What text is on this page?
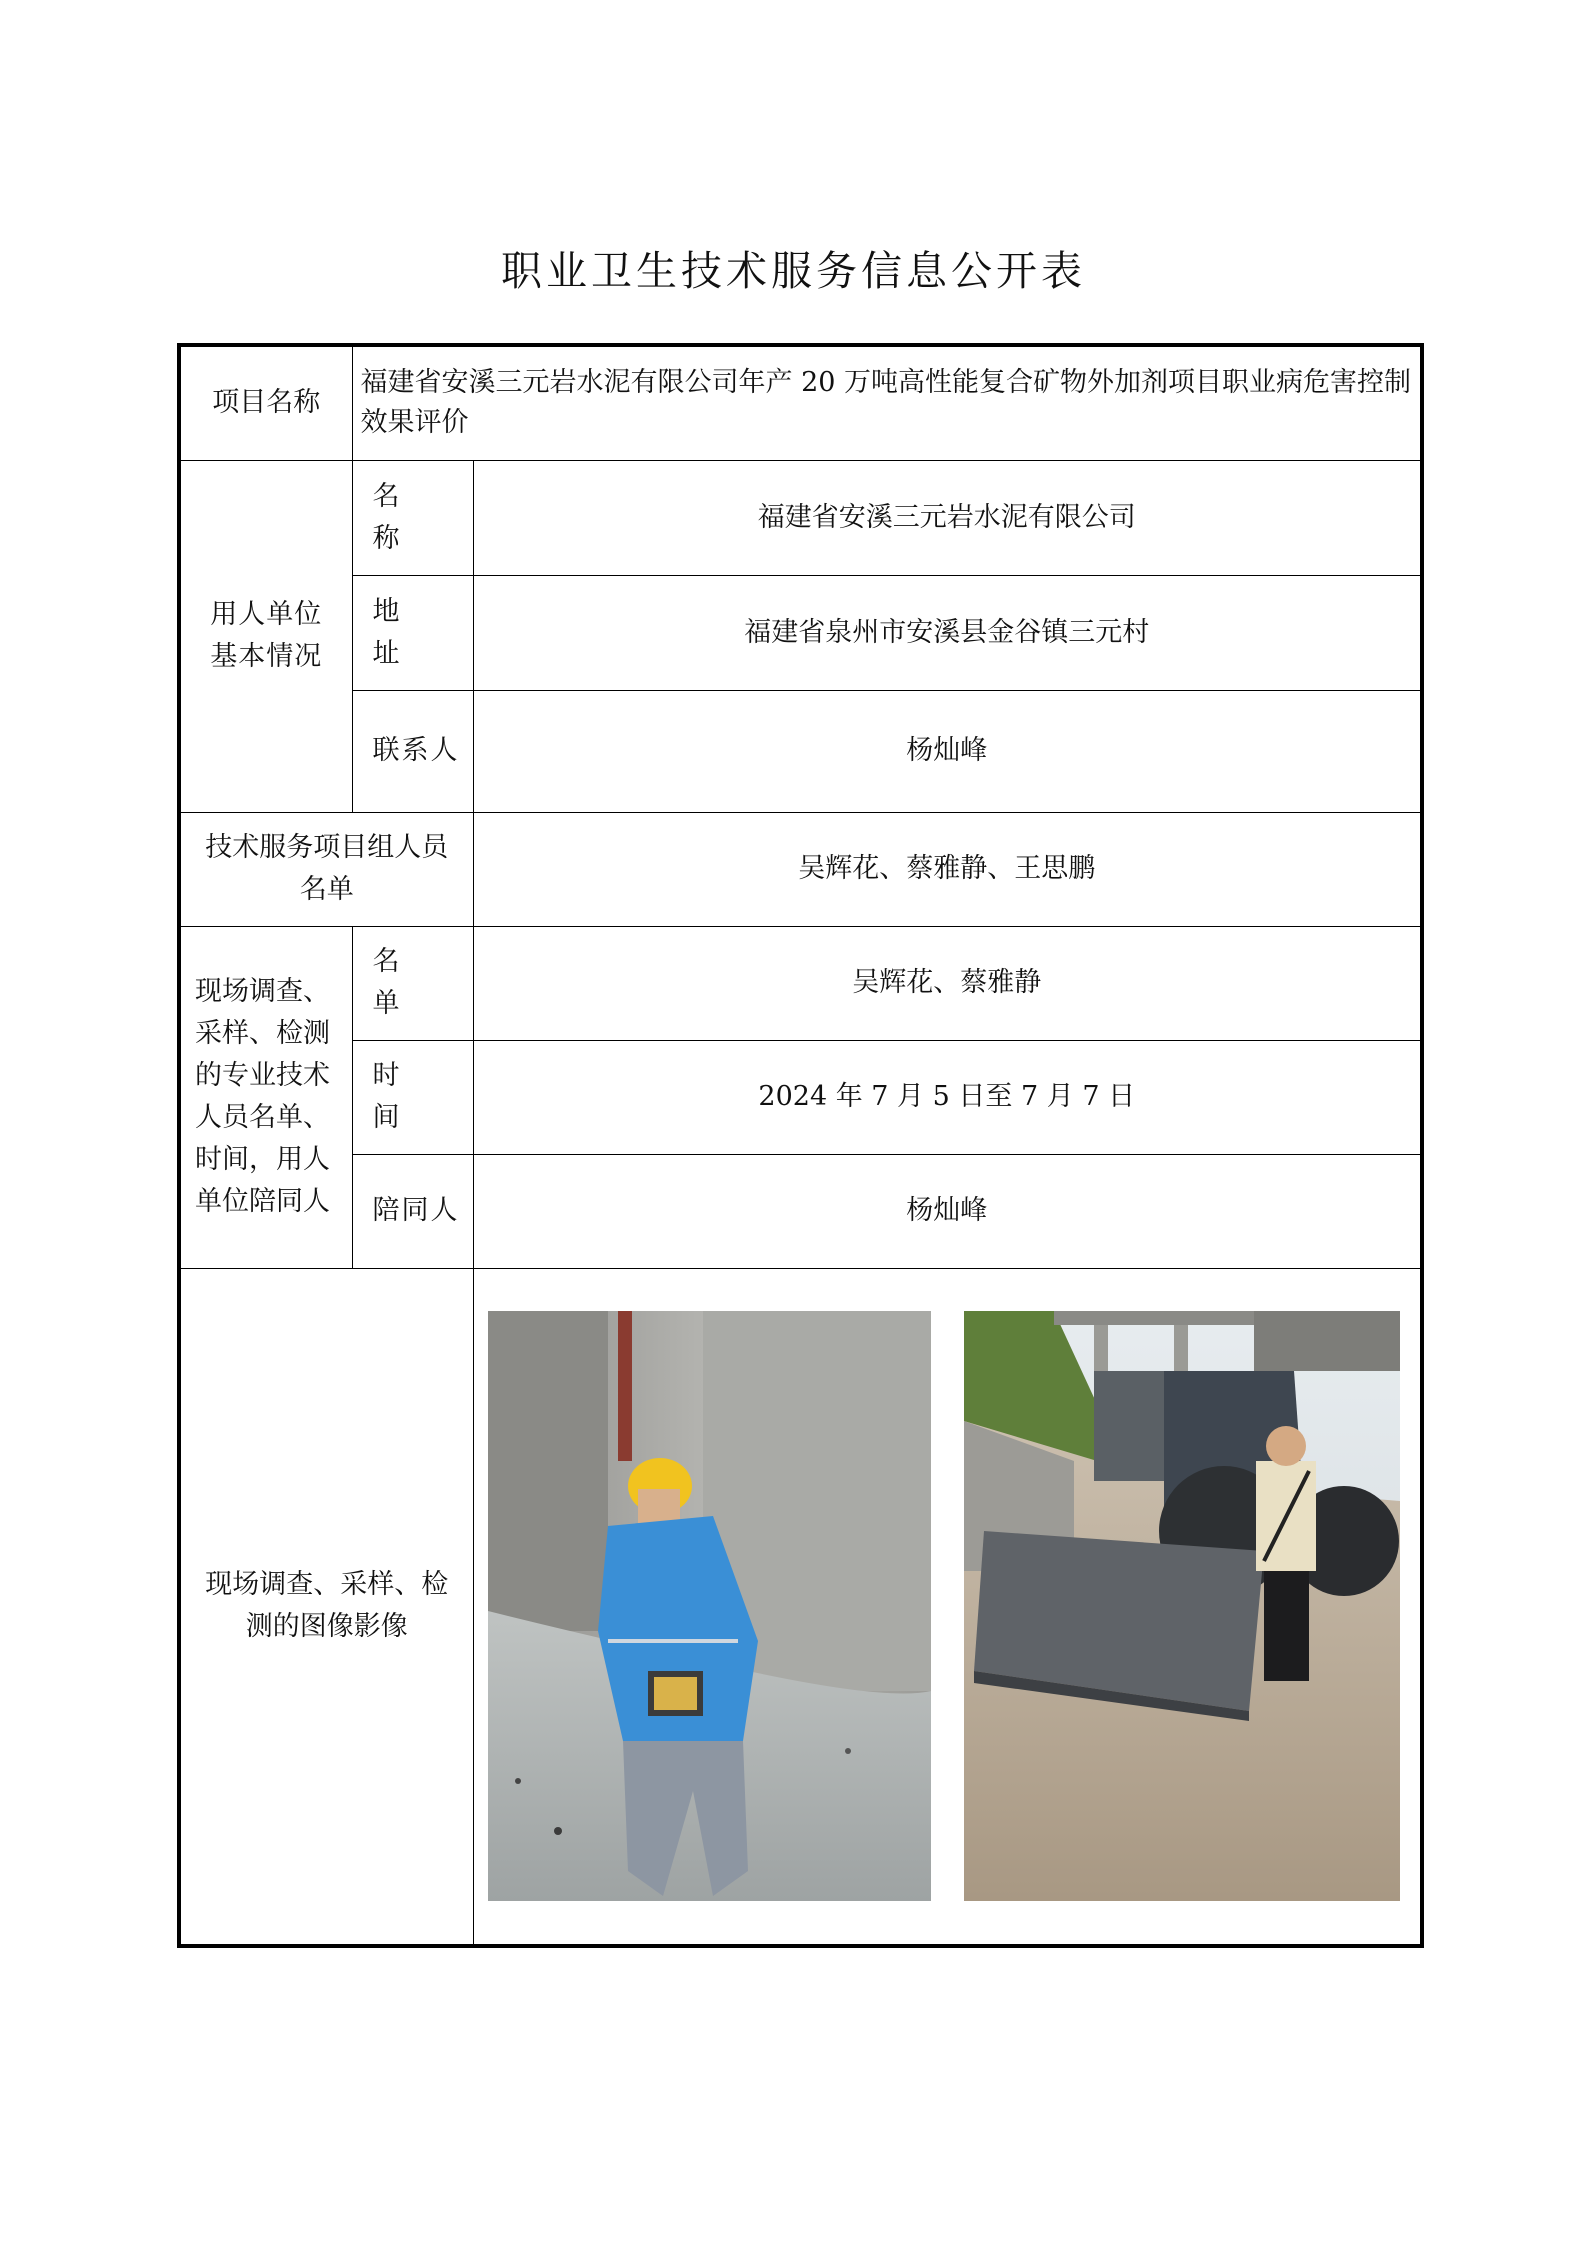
职业卫生技术服务信息公开表
项目名称	福建省安溪三元岩水泥有限公司年产 20 万吨高性能复合矿物外加剂项目职业病危害控制效果评价	
用人单位基本情况	名称	福建省安溪三元岩水泥有限公司
	地址	福建省泉州市安溪县金谷镇三元村
	联系人	杨灿峰
技术服务项目组人员名单		吴辉花、蔡雅静、王思鹏

现场调查、采样、检测的专业技术人员名单、时间，用人单位陪同人	名单	吴辉花、蔡雅静
	时间	2024 年 7 月 5 日至 7 月 7 日
	陪同人	杨灿峰
现场调查、采样、检测的图像影像	
